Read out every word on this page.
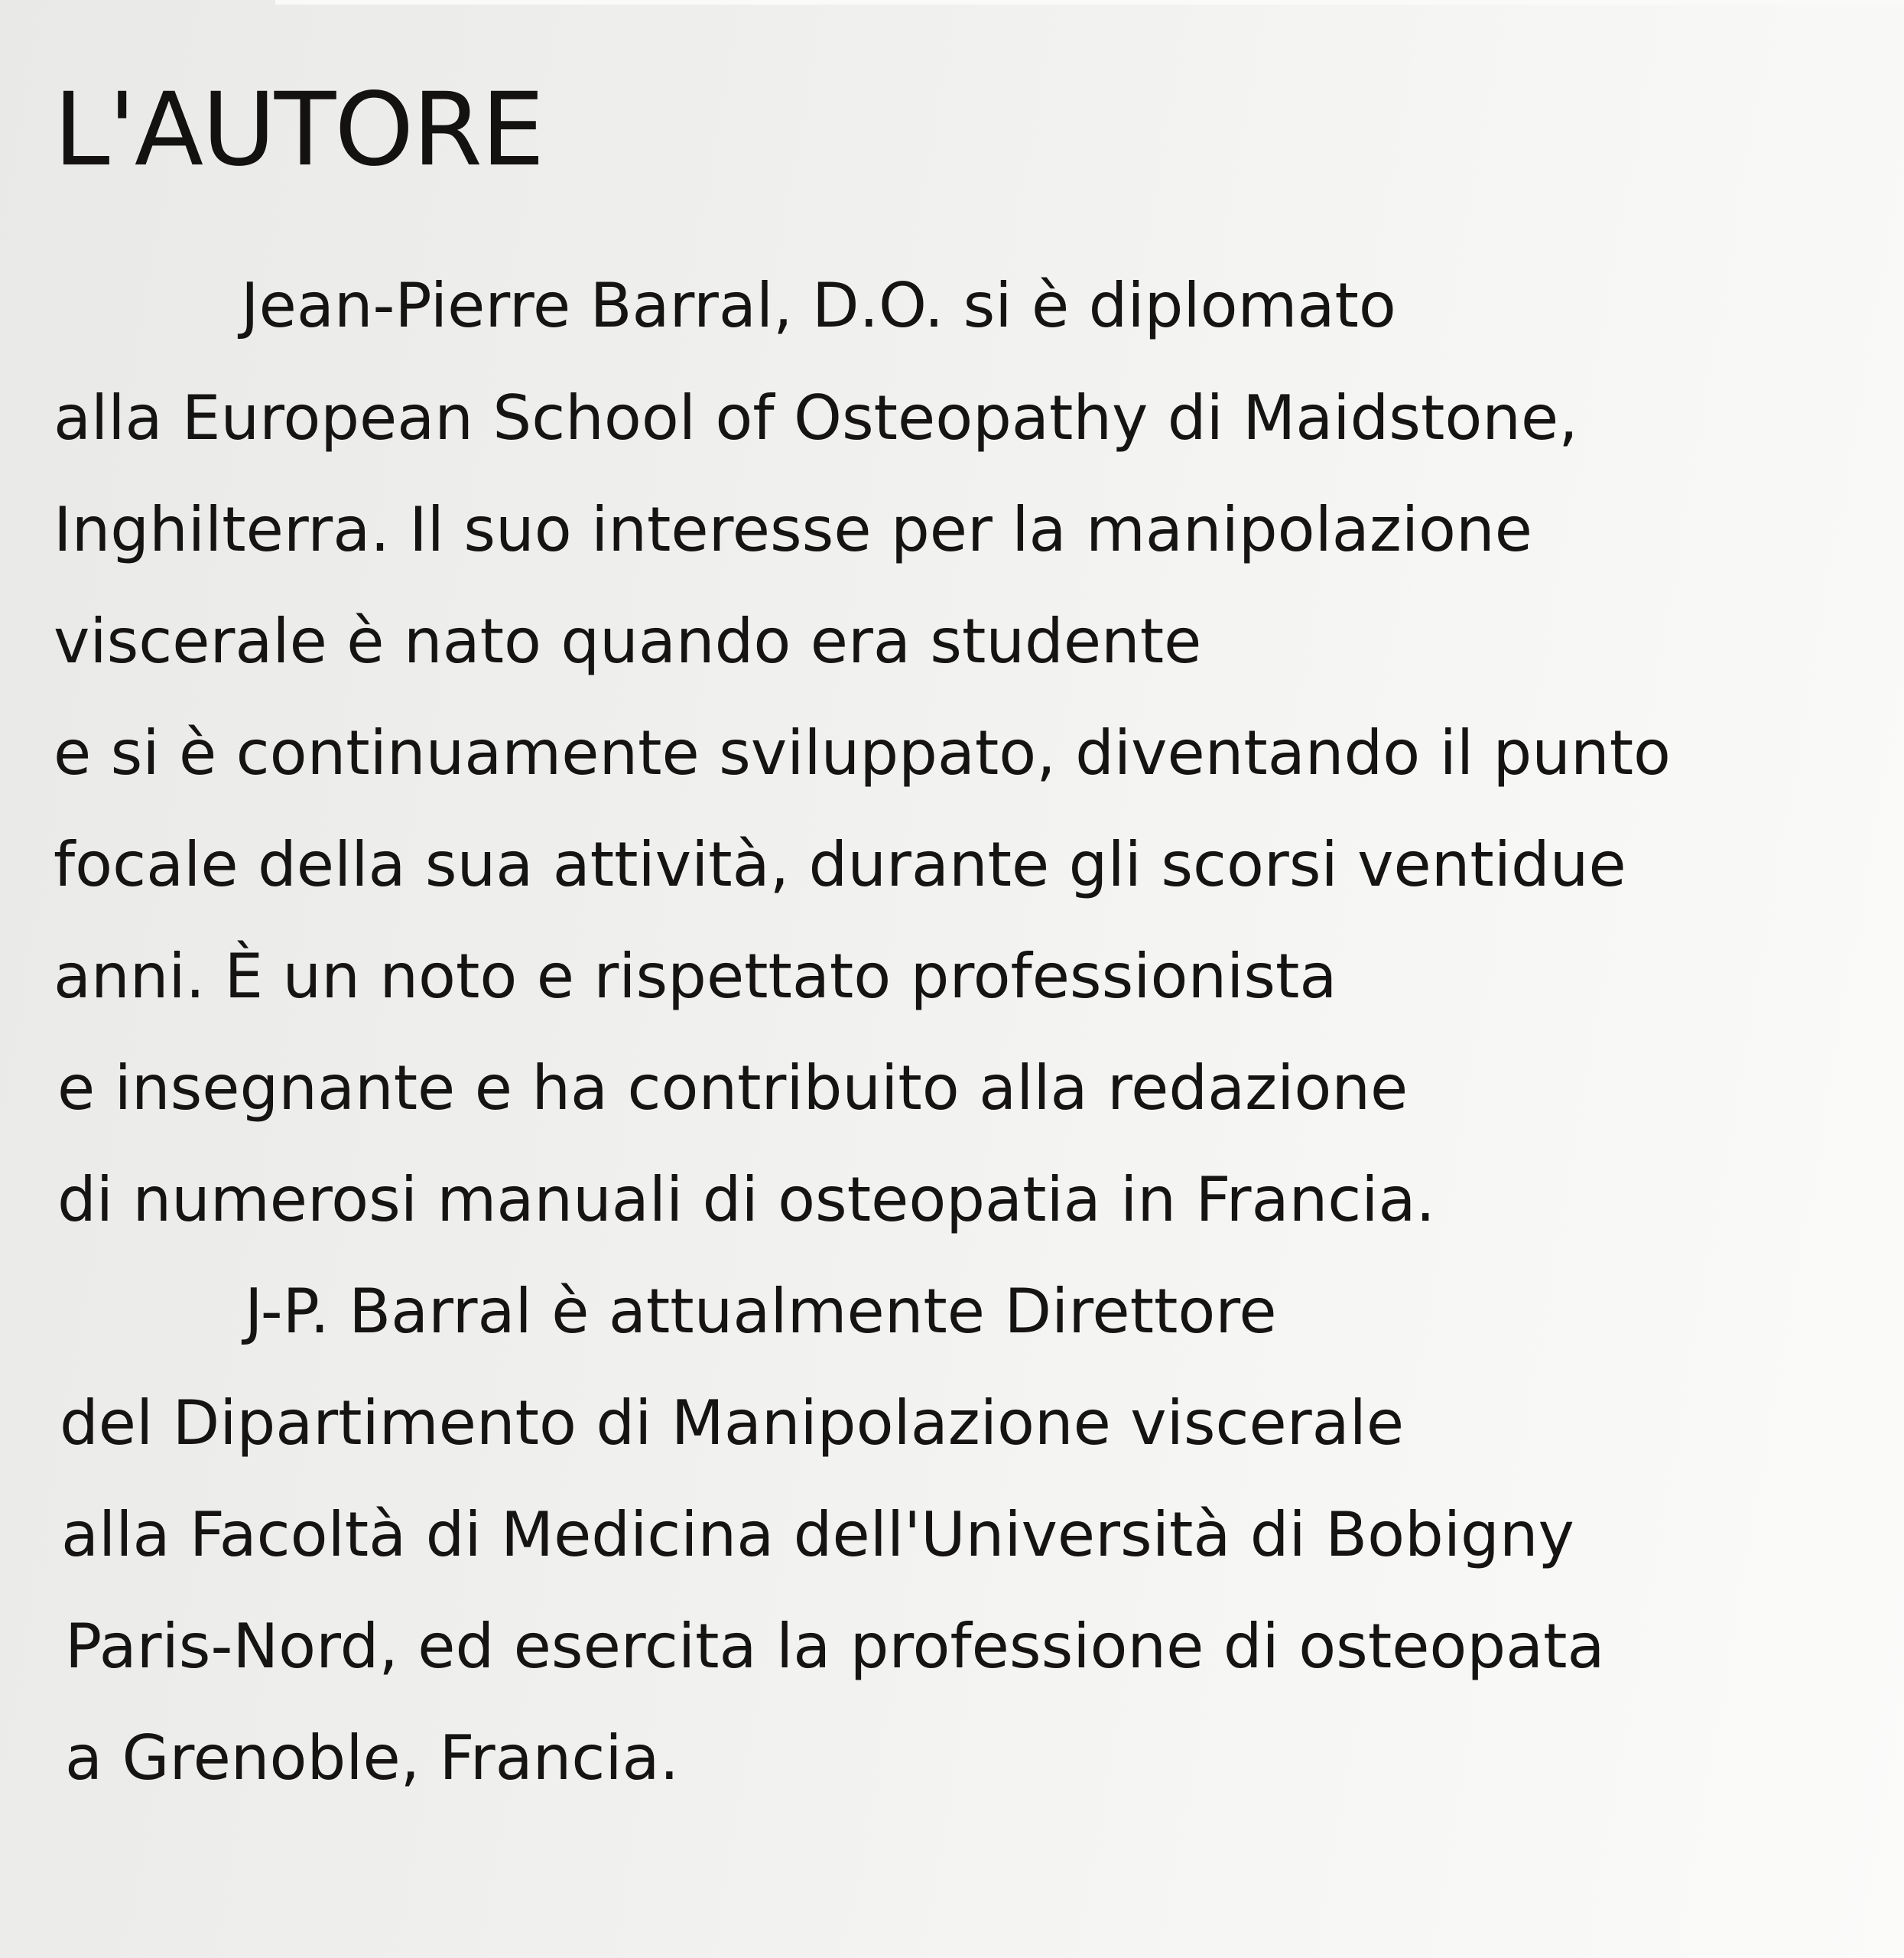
L'AUTORE

Jean-Pierre Barral, D.O. si è diplomato

alla European School of Osteopathy di Maidstone,

Inghilterra. Il suo interesse per la manipolazione

viscerale è nato quando era studente

e si è continuamente sviluppato, diventando il punto

focale della sua attività, durante gli scorsi ventidue

anni. È un noto e rispettato professionista

e insegnante e ha contribuito alla redazione

di numerosi manuali di osteopatia in Francia.

J-P. Barral è attualmente Direttore

del Dipartimento di Manipolazione viscerale

alla Facoltà di Medicina dell'Università di Bobigny

Paris-Nord, ed esercita la professione di osteopata

a Grenoble, Francia.
